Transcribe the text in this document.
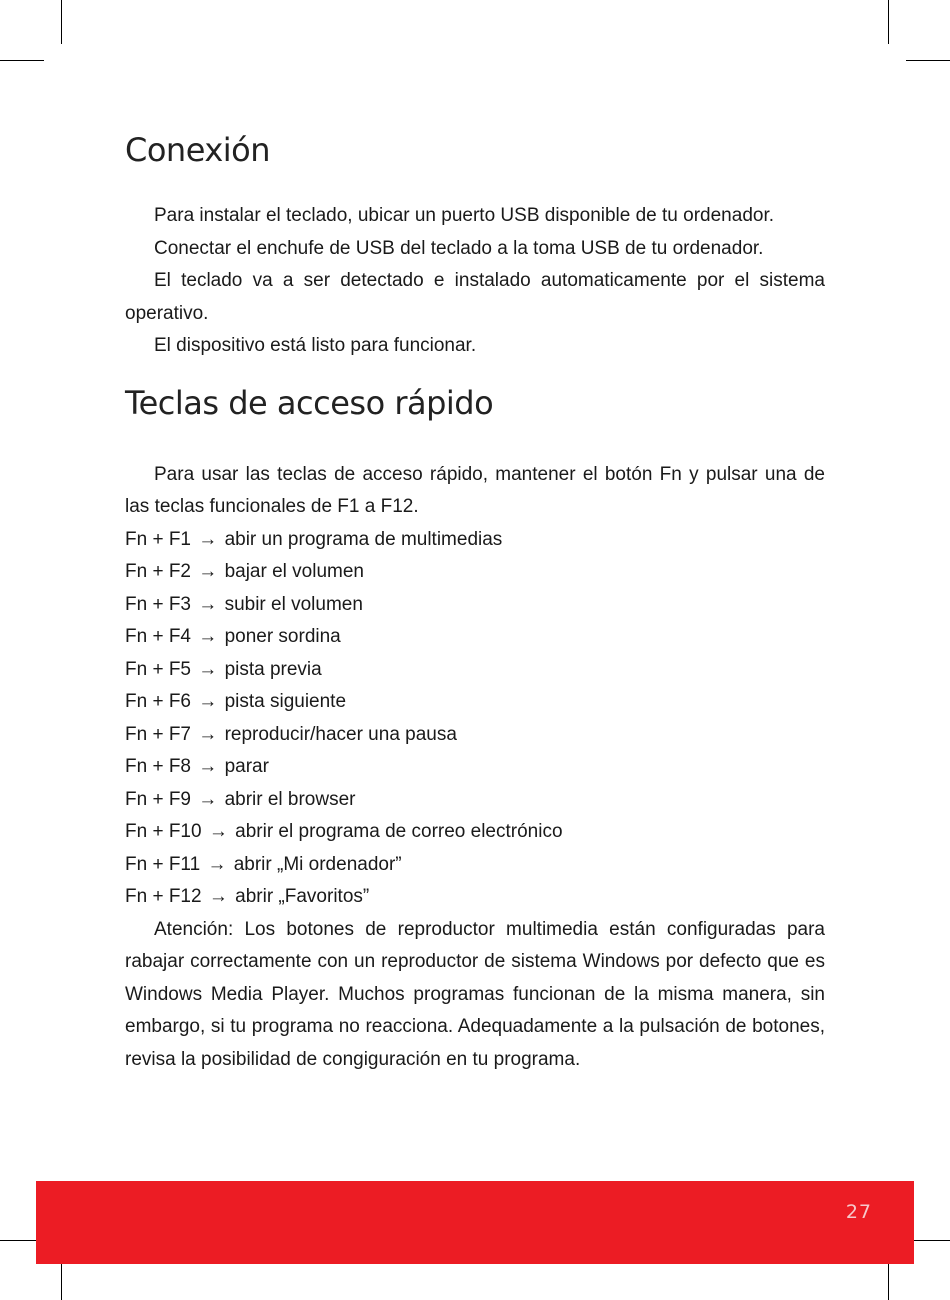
Conexión

Para instalar el teclado, ubicar un puerto USB disponible de tu ordenador.

Conectar el enchufe de USB del teclado a la toma USB de tu ordenador.

El teclado va a ser detectado e instalado automaticamente por el sistema operativo.

El dispositivo está listo para funcionar.

Teclas de acceso rápido

Para usar las teclas de acceso rápido, mantener el botón Fn y pulsar una de las teclas funcionales de F1 a F12.

Fn + F1 → abir un programa de multimedias
Fn + F2 → bajar el volumen
Fn + F3 → subir el volumen
Fn + F4 → poner sordina
Fn + F5 → pista previa
Fn + F6 → pista siguiente
Fn + F7 → reproducir/hacer una pausa
Fn + F8 → parar
Fn + F9 → abrir el browser
Fn + F10 → abrir el programa de correo electrónico
Fn + F11 → abrir „Mi ordenador”
Fn + F12 → abrir „Favoritos”

Atención: Los botones de reproductor multimedia están configuradas para rabajar correctamente con un reproductor de sistema Windows por defecto que es Windows Media Player. Muchos programas funcionan de la misma manera, sin embargo, si tu programa no reacciona. Adequadamente a la pulsación de botones, revisa la posibilidad de congiguración en tu programa.

27
